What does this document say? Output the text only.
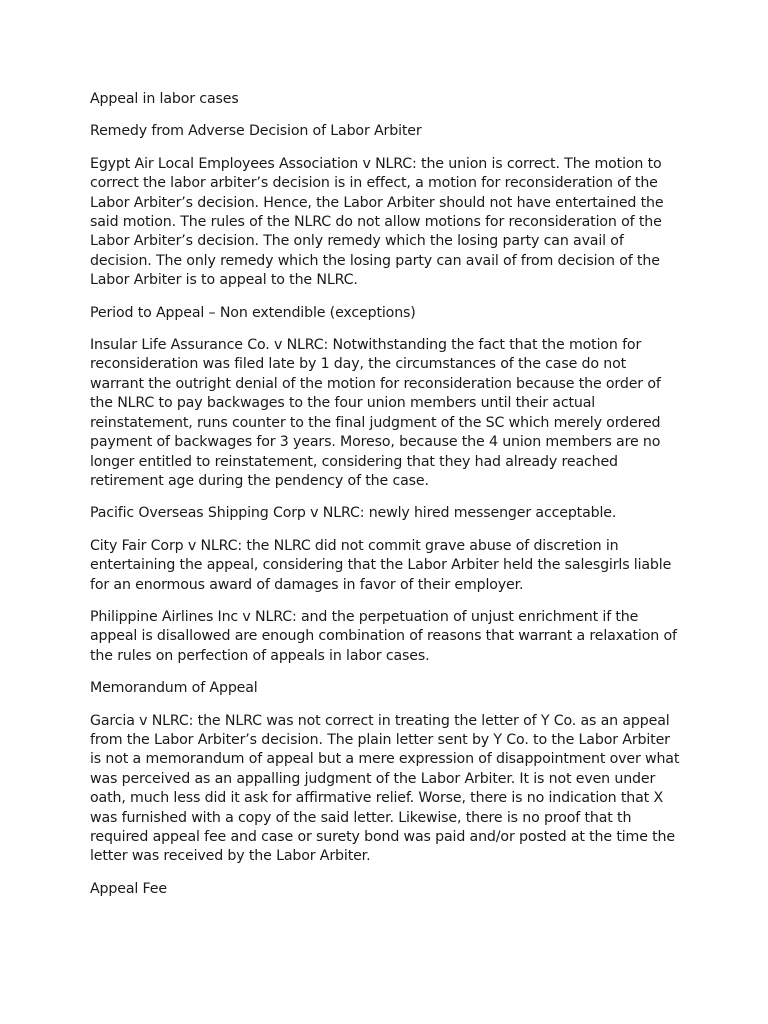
Appeal in labor cases

Remedy from Adverse Decision of Labor Arbiter

Egypt Air Local Employees Association v NLRC: the union is correct. The motion to
correct the labor arbiter’s decision is in effect, a motion for reconsideration of the
Labor Arbiter’s decision. Hence, the Labor Arbiter should not have entertained the
said motion. The rules of the NLRC do not allow motions for reconsideration of the
Labor Arbiter’s decision. The only remedy which the losing party can avail of
decision. The only remedy which the losing party can avail of from decision of the
Labor Arbiter is to appeal to the NLRC.

Period to Appeal – Non extendible (exceptions)

Insular Life Assurance Co. v NLRC: Notwithstanding the fact that the motion for
reconsideration was filed late by 1 day, the circumstances of the case do not
warrant the outright denial of the motion for reconsideration because the order of
the NLRC to pay backwages to the four union members until their actual
reinstatement, runs counter to the final judgment of the SC which merely ordered
payment of backwages for 3 years. Moreso, because the 4 union members are no
longer entitled to reinstatement, considering that they had already reached
retirement age during the pendency of the case.

Pacific Overseas Shipping Corp v NLRC: newly hired messenger acceptable.

City Fair Corp v NLRC: the NLRC did not commit grave abuse of discretion in
entertaining the appeal, considering that the Labor Arbiter held the salesgirls liable
for an enormous award of damages in favor of their employer.

Philippine Airlines Inc v NLRC: and the perpetuation of unjust enrichment if the
appeal is disallowed are enough combination of reasons that warrant a relaxation of
the rules on perfection of appeals in labor cases.

Memorandum of Appeal

Garcia v NLRC: the NLRC was not correct in treating the letter of Y Co. as an appeal
from the Labor Arbiter’s decision. The plain letter sent by Y Co. to the Labor Arbiter
is not a memorandum of appeal but a mere expression of disappointment over what
was perceived as an appalling judgment of the Labor Arbiter. It is not even under
oath, much less did it ask for affirmative relief. Worse, there is no indication that X
was furnished with a copy of the said letter. Likewise, there is no proof that th
required appeal fee and case or surety bond was paid and/or posted at the time the
letter was received by the Labor Arbiter.

Appeal Fee
